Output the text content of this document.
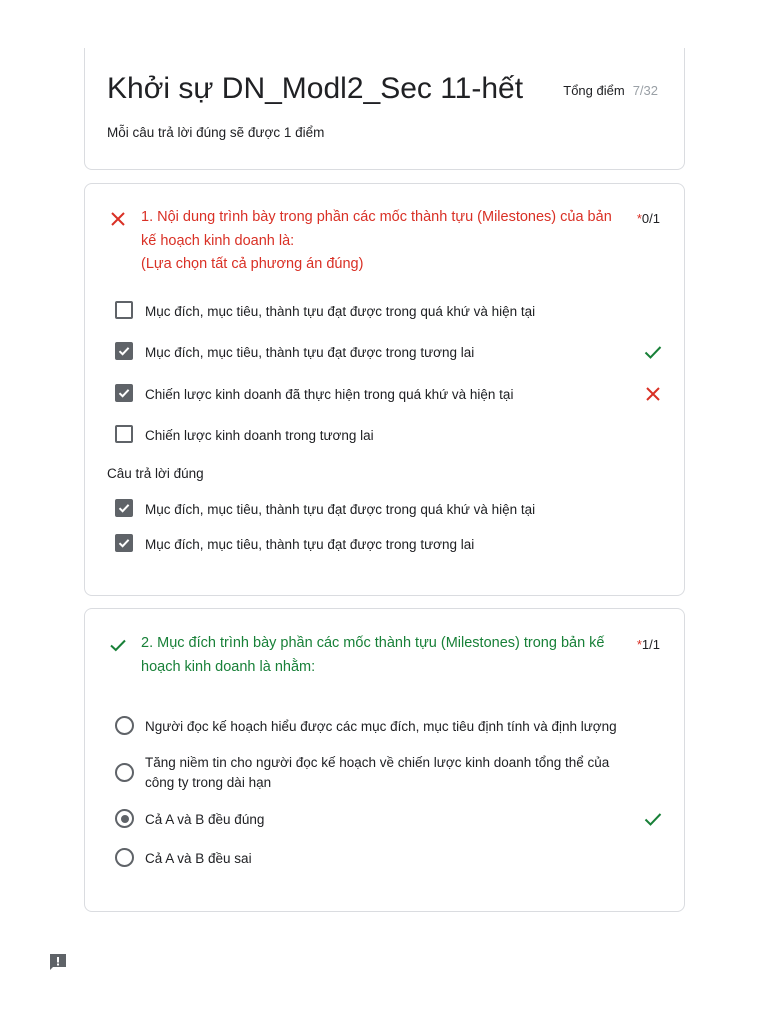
Khởi sự DN_Modl2_Sec 11-hết	Tổng điểm 7/32
Mỗi câu trả lời đúng sẽ được 1 điểm
1. Nội dung trình bày trong phần các mốc thành tựu (Milestones) của bản
kế hoạch kinh doanh là:
(Lựa chọn tất cả phương án đúng)
*0/1
Mục đích, mục tiêu, thành tựu đạt được trong quá khứ và hiện tại
Mục đích, mục tiêu, thành tựu đạt được trong tương lai
Chiến lược kinh doanh đã thực hiện trong quá khứ và hiện tại
Chiến lược kinh doanh trong tương lai
Câu trả lời đúng
Mục đích, mục tiêu, thành tựu đạt được trong quá khứ và hiện tại
Mục đích, mục tiêu, thành tựu đạt được trong tương lai
2. Mục đích trình bày phần các mốc thành tựu (Milestones) trong bản kế
hoạch kinh doanh là nhằm:
*1/1
Người đọc kế hoạch hiểu được các mục đích, mục tiêu định tính và định lượng
Tăng niềm tin cho người đọc kế hoạch về chiến lược kinh doanh tổng thể của công ty trong dài hạn
Cả A và B đều đúng
Cả A và B đều sai
